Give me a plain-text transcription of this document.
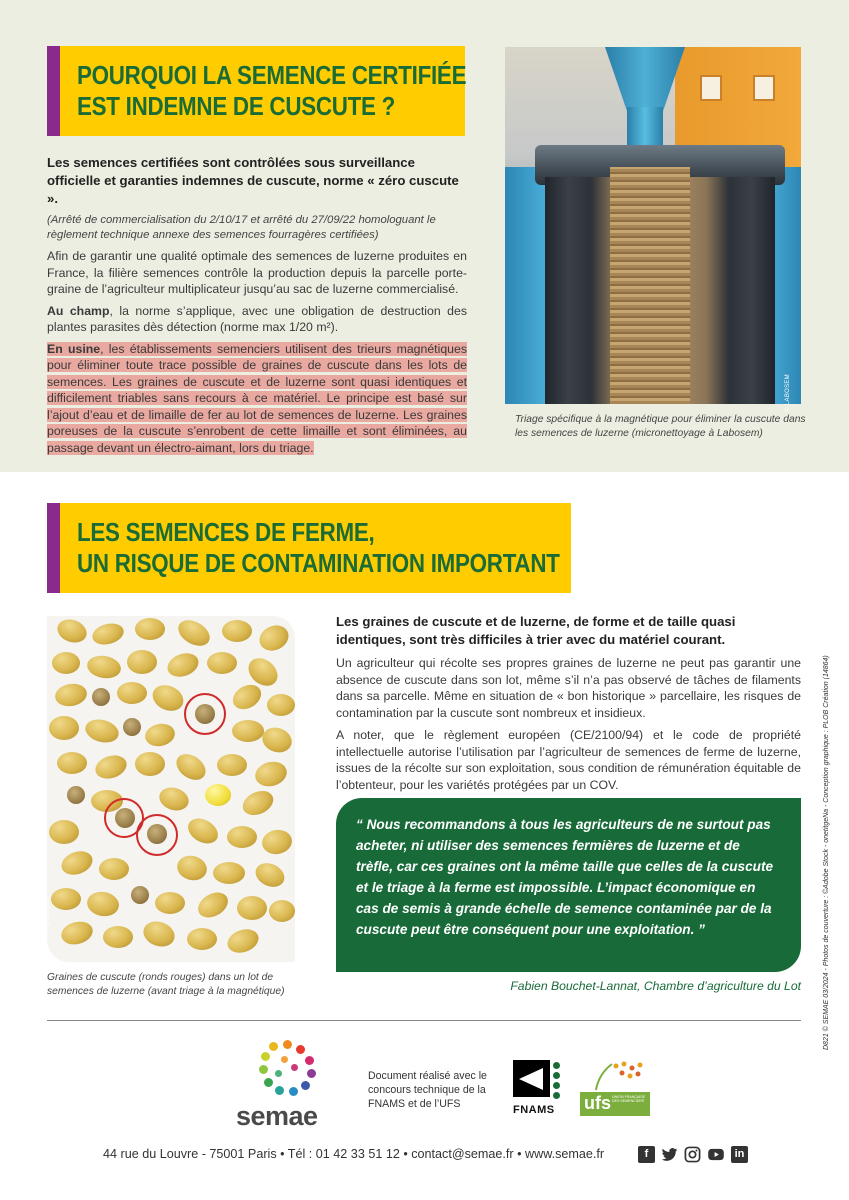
POURQUOI LA SEMENCE CERTIFIÉE
EST INDEMNE DE CUSCUTE ?

Les semences certifiées sont contrôlées sous surveillance officielle et garanties indemnes de cuscute, norme « zéro cuscute ».

(Arrêté de commercialisation du 2/10/17 et arrêté du 27/09/22 homologuant le règlement technique annexe des semences fourragères certifiées)

Afin de garantir une qualité optimale des semences de luzerne produites en France, la filière semences contrôle la production depuis la parcelle porte-graine de l’agriculteur multiplicateur jusqu’au sac de luzerne commercialisé.

Au champ, la norme s’applique, avec une obligation de destruction des plantes parasites dès détection (norme max 1/20 m²).

En usine, les établissements semenciers utilisent des trieurs magnétiques pour éliminer toute trace possible de graines de cuscute dans les lots de semences. Les graines de cuscute et de luzerne sont quasi identiques et difficilement triables sans recours à ce matériel. Le principe est basé sur l’ajout d’eau et de limaille de fer au lot de semences de luzerne. Les graines poreuses de la cuscute s’enrobent de cette limaille et sont éliminées, au passage devant un électro-aimant, lors du triage.

© LABOSEM
Triage spécifique à la magnétique pour éliminer la cuscute dans les semences de luzerne (micronettoyage à Labosem)
LES SEMENCES DE FERME,
UN RISQUE DE CONTAMINATION IMPORTANT
© LABOSEM
Graines de cuscute (ronds rouges) dans un lot de semences de luzerne (avant triage à la magnétique)

Les graines de cuscute et de luzerne, de forme et de taille quasi identiques, sont très difficiles à trier avec du matériel courant.

Un agriculteur qui récolte ses propres graines de luzerne ne peut pas garantir une absence de cuscute dans son lot, même s’il n’a pas observé de tâches de filaments dans sa parcelle. Même en situation de « bon historique » parcellaire, les risques de contamination par la cuscute sont nombreux et insidieux.

A noter, que le règlement européen (CE/2100/94) et le code de propriété intellectuelle autorise l’utilisation par l’agriculteur de semences de ferme de luzerne, issues de la récolte sur son exploitation, sous condition de rémunération équitable de l’obtenteur, pour les variétés protégées par un COV.

“ Nous recommandons à tous les agriculteurs de ne surtout pas acheter, ni utiliser des semences fermières de luzerne et de trèfle, car ces graines ont la même taille que celles de la cuscute et le triage à la ferme est impossible. L’impact économique en cas de semis à grande échelle de semence contaminée par de la cuscute peut être conséquent pour une exploitation. ”
Fabien Bouchet-Lannat, Chambre d’agriculture du Lot	D821 © SEMAE 03/2024 - Photos de couverture : ©Adobe Stock - onetitgeNa - Conception graphique : PLOB Création (14864)
semae
Document réalisé avec le concours technique de la FNAMS et de l’UFS	FNAMS ufs UNION FRANÇAISE DES SEMENCIERS
44 rue du Louvre - 75001 Paris • Tél : 01 42 33 51 12 • contact@semae.fr • www.semae.fr	f	in
